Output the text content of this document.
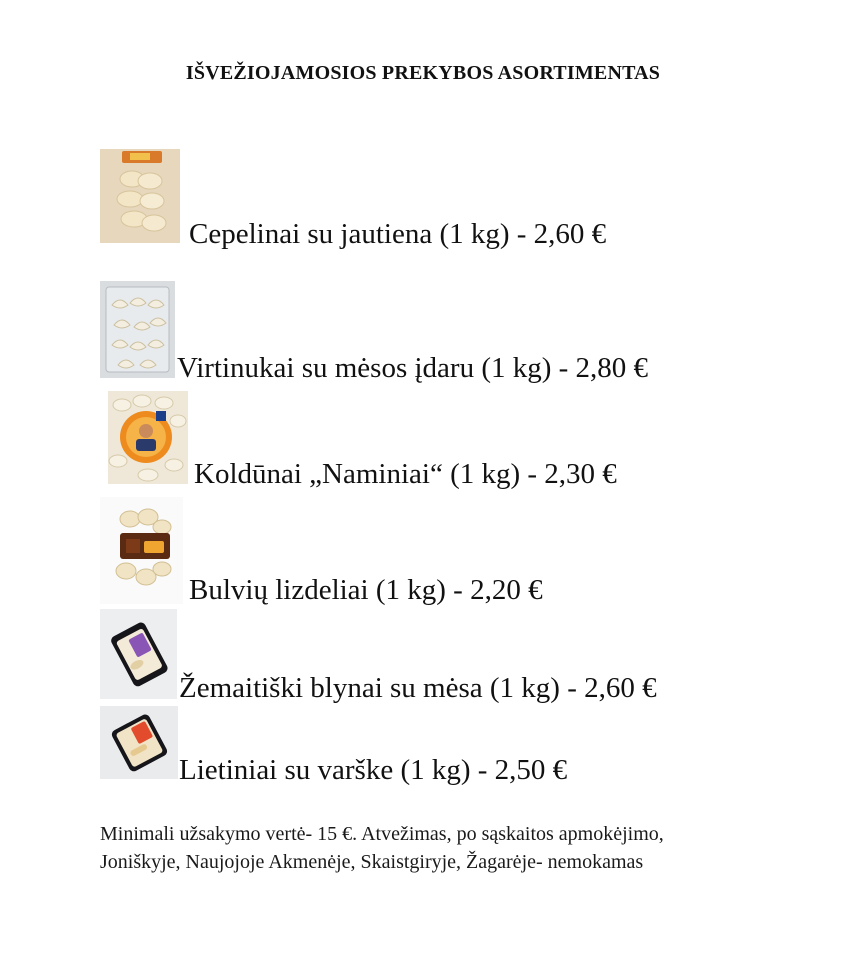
IŠVEŽIOJAMOSIOS PREKYBOS ASORTIMENTAS
Cepelinai su jautiena (1 kg) - 2,60 €
Virtinukai su mėsos įdaru (1 kg) - 2,80 €
Koldūnai „Naminiai“ (1 kg) - 2,30 €
Bulvių lizdeliai (1 kg) - 2,20 €
Žemaitiški blynai su mėsa (1 kg) - 2,60 €
Lietiniai su varške (1 kg) - 2,50 €
Minimali užsakymo vertė- 15 €. Atvežimas, po sąskaitos apmokėjimo, Joniškyje, Naujojoje Akmenėje, Skaistgiryje, Žagarėje- nemokamas
